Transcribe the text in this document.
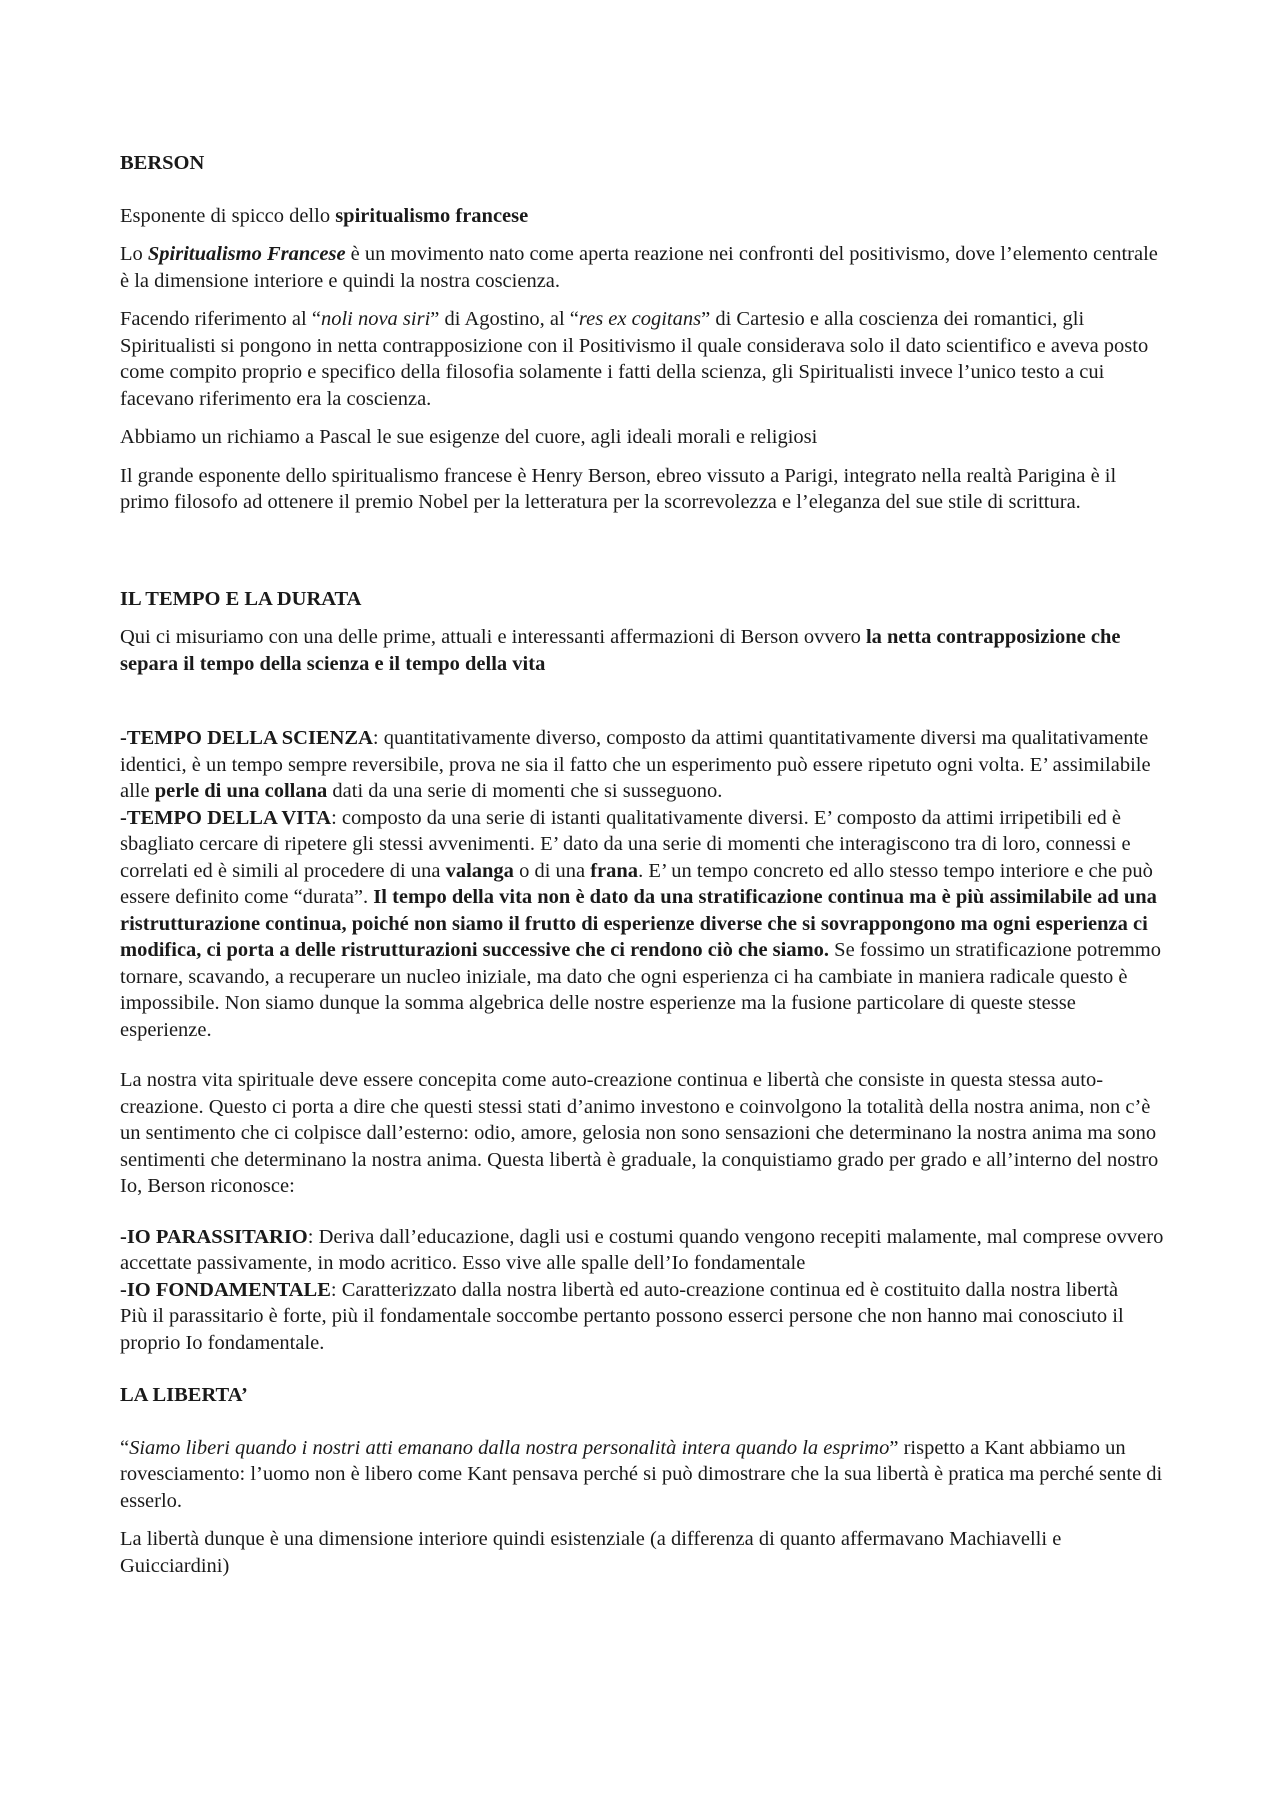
BERSON

Esponente di spicco dello spiritualismo francese

Lo Spiritualismo Francese è un movimento nato come aperta reazione nei confronti del positivismo, dove l’elemento centrale è la dimensione interiore e quindi la nostra coscienza.

Facendo riferimento al “noli nova siri” di Agostino, al “res ex cogitans” di Cartesio e alla coscienza dei romantici, gli Spiritualisti si pongono in netta contrapposizione con il Positivismo il quale considerava solo il dato scientifico e aveva posto come compito proprio e specifico della filosofia solamente i fatti della scienza, gli Spiritualisti invece l’unico testo a cui facevano riferimento era la coscienza.

Abbiamo un richiamo a Pascal le sue esigenze del cuore, agli ideali morali e religiosi

Il grande esponente dello spiritualismo francese è Henry Berson, ebreo vissuto a Parigi, integrato nella realtà Parigina è il primo filosofo ad ottenere il premio Nobel per la letteratura per la scorrevolezza e l’eleganza del sue stile di scrittura.

IL TEMPO E LA DURATA

Qui ci misuriamo con una delle prime, attuali e interessanti affermazioni di Berson ovvero la netta contrapposizione che separa il tempo della scienza e il tempo della vita

-TEMPO DELLA SCIENZA: quantitativamente diverso, composto da attimi quantitativamente diversi ma qualitativamente identici, è un tempo sempre reversibile, prova ne sia il fatto che un esperimento può essere ripetuto ogni volta. E’ assimilabile alle perle di una collana dati da una serie di momenti che si susseguono.

-TEMPO DELLA VITA: composto da una serie di istanti qualitativamente diversi. E’ composto da attimi irripetibili ed è sbagliato cercare di ripetere gli stessi avvenimenti. E’ dato da una serie di momenti che interagiscono tra di loro, connessi e correlati ed è simili al procedere di una valanga o di una frana. E’ un tempo concreto ed allo stesso tempo interiore e che può essere definito come “durata”. Il tempo della vita non è dato da una stratificazione continua ma è più assimilabile ad una ristrutturazione continua, poiché non siamo il frutto di esperienze diverse che si sovrappongono ma ogni esperienza ci modifica, ci porta a delle ristrutturazioni successive che ci rendono ciò che siamo. Se fossimo un stratificazione potremmo tornare, scavando, a recuperare un nucleo iniziale, ma dato che ogni esperienza ci ha cambiate in maniera radicale questo è impossibile. Non siamo dunque la somma algebrica delle nostre esperienze ma la fusione particolare di queste stesse esperienze.

La nostra vita spirituale deve essere concepita come auto-creazione continua e libertà che consiste in questa stessa auto-creazione. Questo ci porta a dire che questi stessi stati d’animo investono e coinvolgono la totalità della nostra anima, non c’è un sentimento che ci colpisce dall’esterno: odio, amore, gelosia non sono sensazioni che determinano la nostra anima ma sono sentimenti che determinano la nostra anima. Questa libertà è graduale, la conquistiamo grado per grado e all’interno del nostro Io, Berson riconosce:

-IO PARASSITARIO: Deriva dall’educazione, dagli usi e costumi quando vengono recepiti malamente, mal comprese ovvero accettate passivamente, in modo acritico. Esso vive alle spalle dell’Io fondamentale

-IO FONDAMENTALE: Caratterizzato dalla nostra libertà ed auto-creazione continua ed è costituito dalla nostra libertà

Più il parassitario è forte, più il fondamentale soccombe pertanto possono esserci persone che non hanno mai conosciuto il proprio Io fondamentale.

LA LIBERTA’

“Siamo liberi quando i nostri atti emanano dalla nostra personalità intera quando la esprimo” rispetto a Kant abbiamo un rovesciamento: l’uomo non è libero come Kant pensava perché si può dimostrare che la sua libertà è pratica ma perché sente di esserlo.

La libertà dunque è una dimensione interiore quindi esistenziale (a differenza di quanto affermavano Machiavelli e Guicciardini)
